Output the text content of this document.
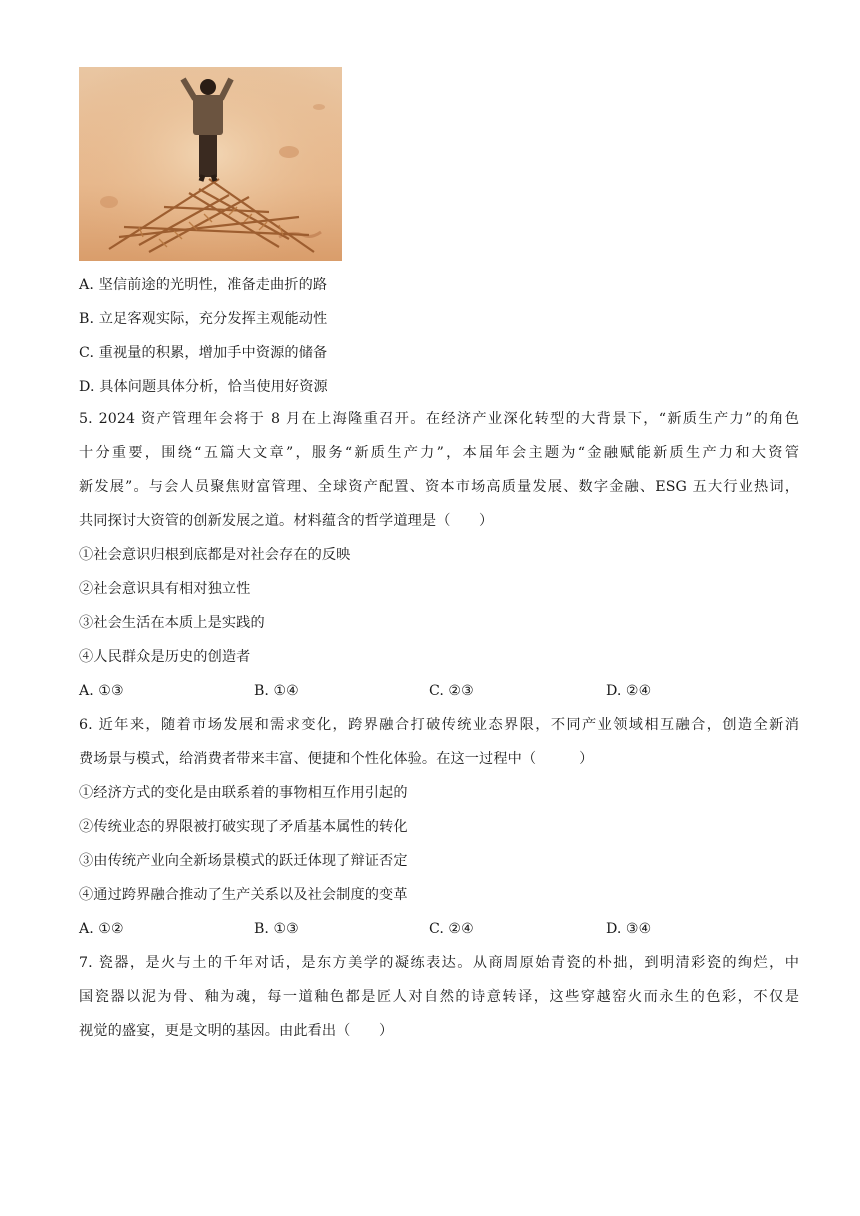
A. 坚信前途的光明性，准备走曲折的路
B. 立足客观实际，充分发挥主观能动性
C. 重视量的积累，增加手中资源的储备
D. 具体问题具体分析，恰当使用好资源
5. 2024 资产管理年会将于 8 月在上海隆重召开。在经济产业深化转型的大背景下，“新质生产力”的角色
十分重要，围绕“五篇大文章”，服务“新质生产力”，本届年会主题为“金融赋能新质生产力和大资管
新发展”。与会人员聚焦财富管理、全球资产配置、资本市场高质量发展、数字金融、ESG 五大行业热词，
共同探讨大资管的创新发展之道。材料蕴含的哲学道理是（　　）
①社会意识归根到底都是对社会存在的反映
②社会意识具有相对独立性
③社会生活在本质上是实践的
④人民群众是历史的创造者
A. ①③	B. ①④	C. ②③	D. ②④
6. 近年来，随着市场发展和需求变化，跨界融合打破传统业态界限，不同产业领域相互融合，创造全新消
费场景与模式，给消费者带来丰富、便捷和个性化体验。在这一过程中（　　　）
①经济方式的变化是由联系着的事物相互作用引起的
②传统业态的界限被打破实现了矛盾基本属性的转化
③由传统产业向全新场景模式的跃迁体现了辩证否定
④通过跨界融合推动了生产关系以及社会制度的变革
A. ①②	B. ①③	C. ②④	D. ③④
7. 瓷器，是火与土的千年对话，是东方美学的凝练表达。从商周原始青瓷的朴拙，到明清彩瓷的绚烂，中
国瓷器以泥为骨、釉为魂，每一道釉色都是匠人对自然的诗意转译，这些穿越窑火而永生的色彩，不仅是
视觉的盛宴，更是文明的基因。由此看出（　　）
